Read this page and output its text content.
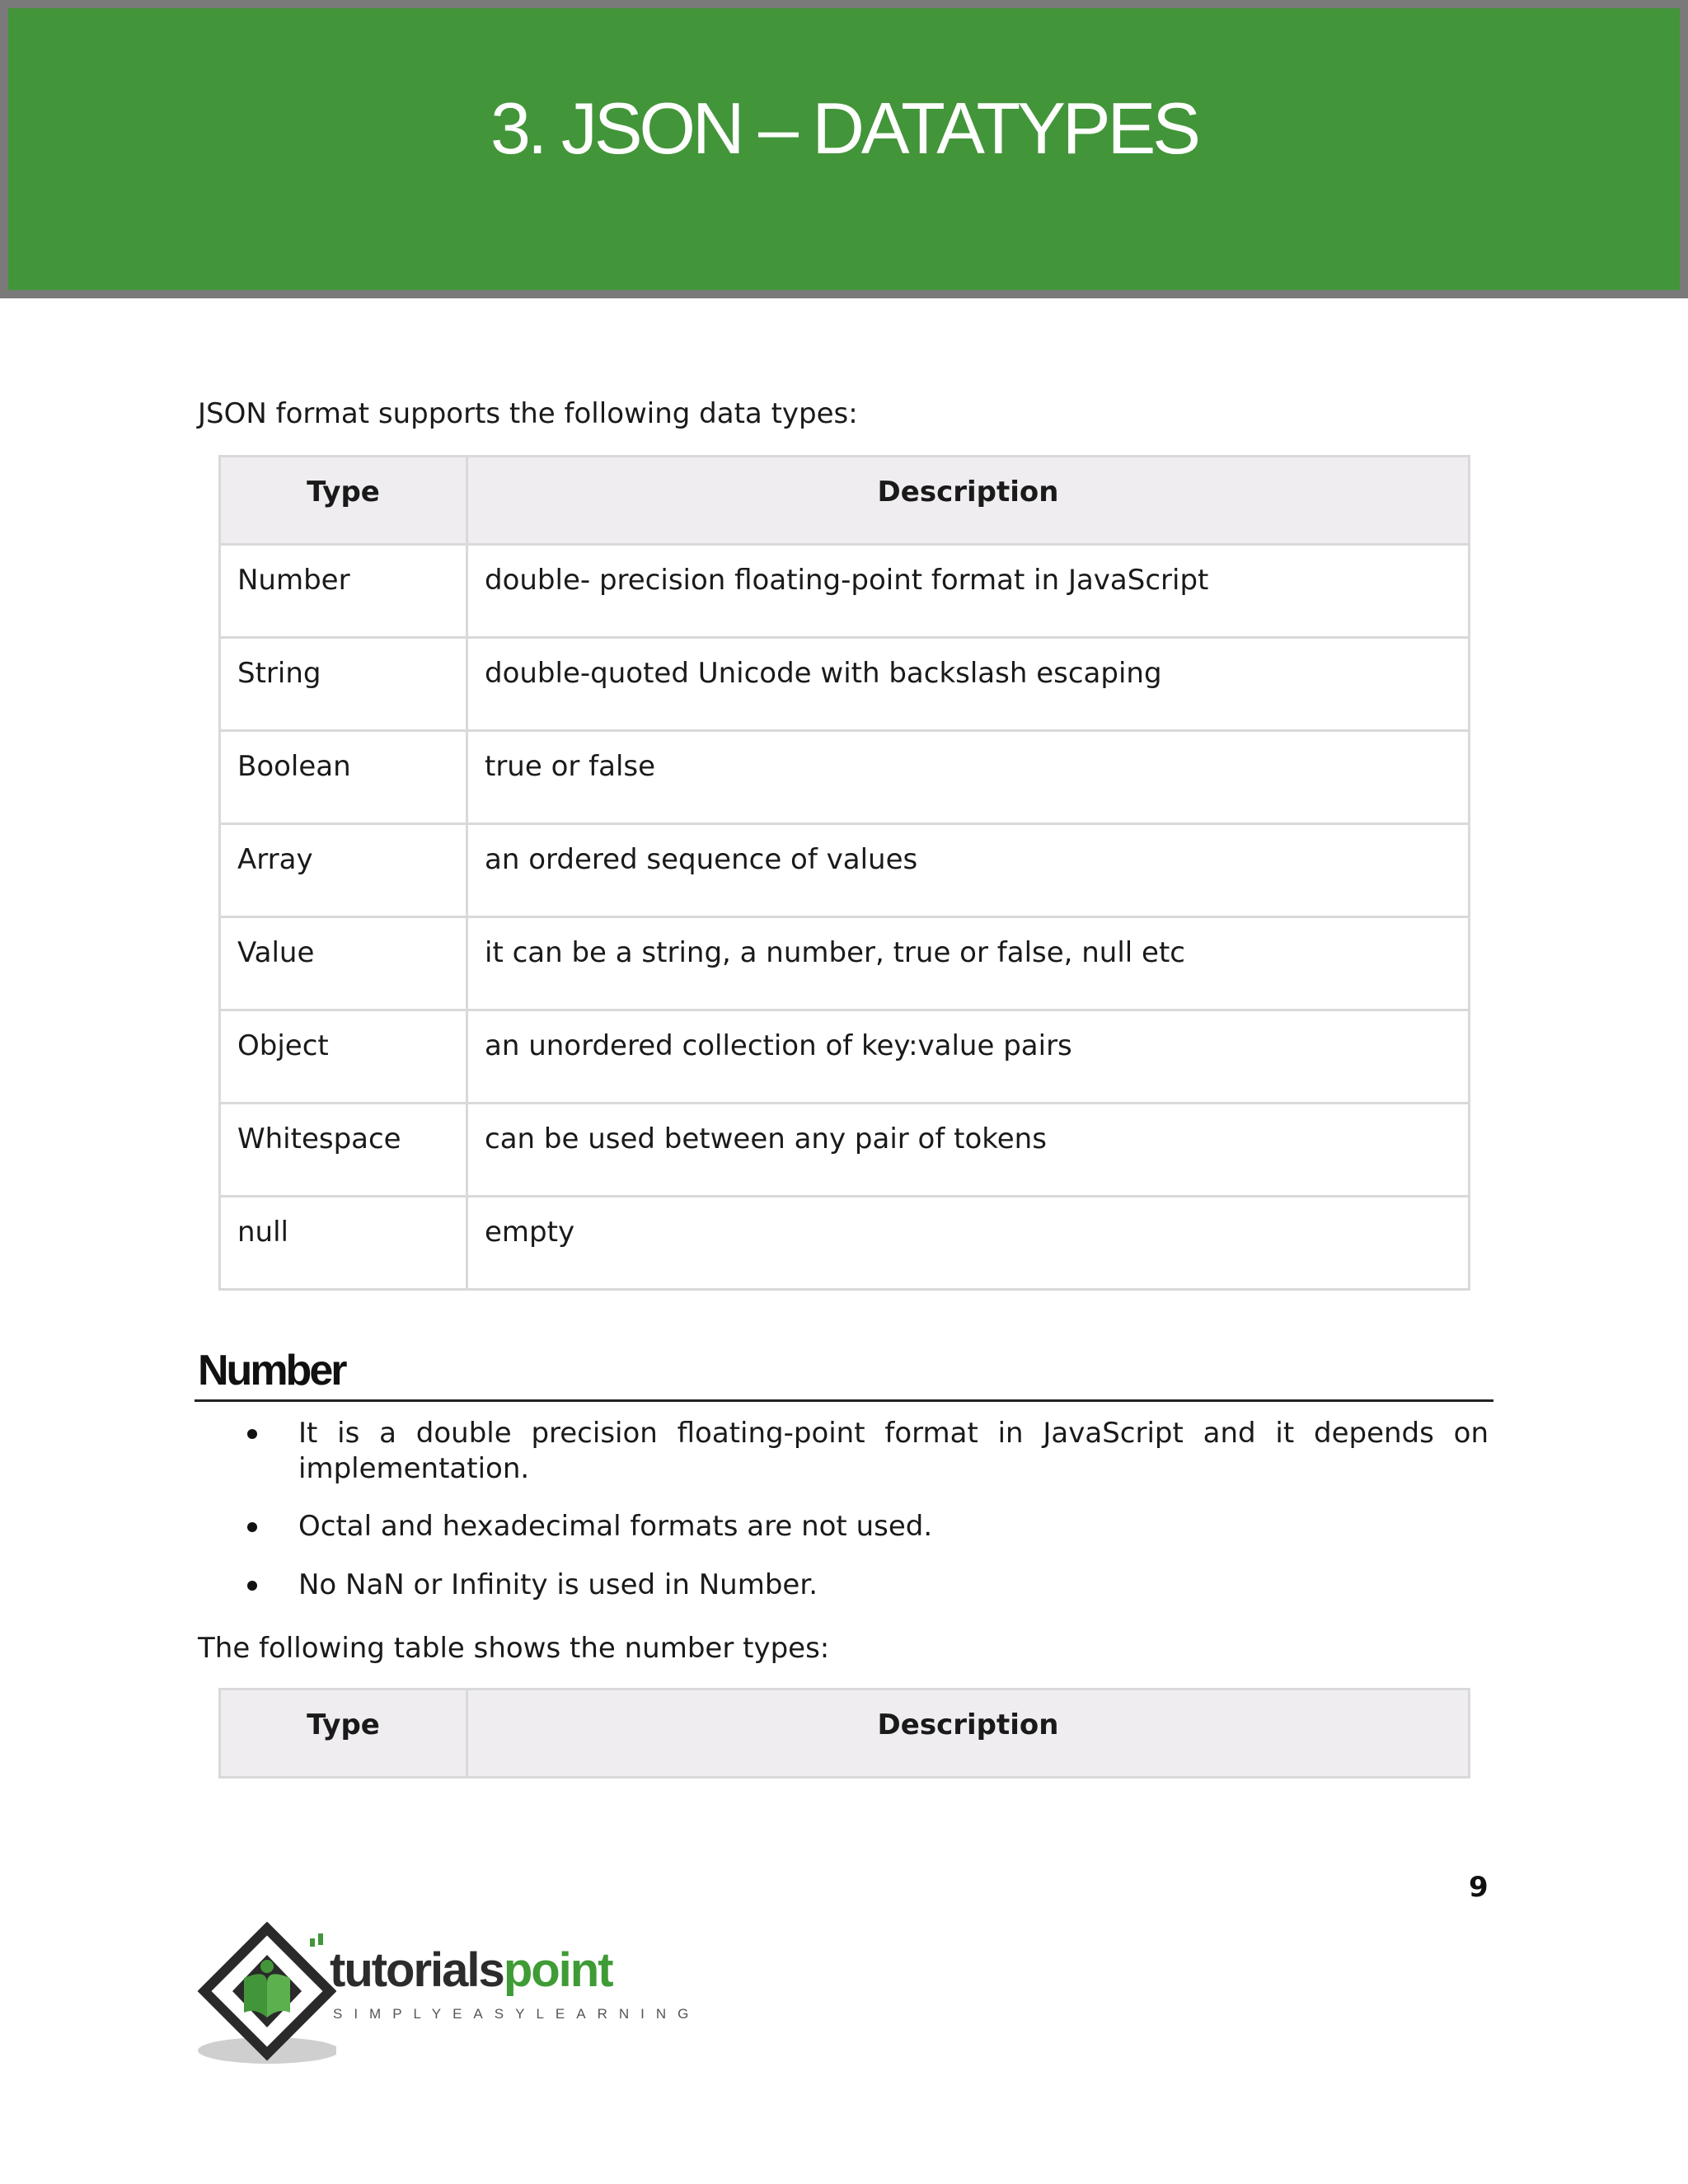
3. JSON – DATATYPES
JSON format supports the following data types:
Type	Description
Number	double- precision floating-point format in JavaScript
String	double-quoted Unicode with backslash escaping
Boolean	true or false
Array	an ordered sequence of values
Value	it can be a string, a number, true or false, null etc
Object	an unordered collection of key:value pairs
Whitespace	can be used between any pair of tokens
null	empty
Number
It is a double precision floating-point format in JavaScript and it depends on implementation.
Octal and hexadecimal formats are not used.
No NaN or Infinity is used in Number.
The following table shows the number types:
Type	Description
9
tutorialspoint
SIMPLYEASYLEARNING
